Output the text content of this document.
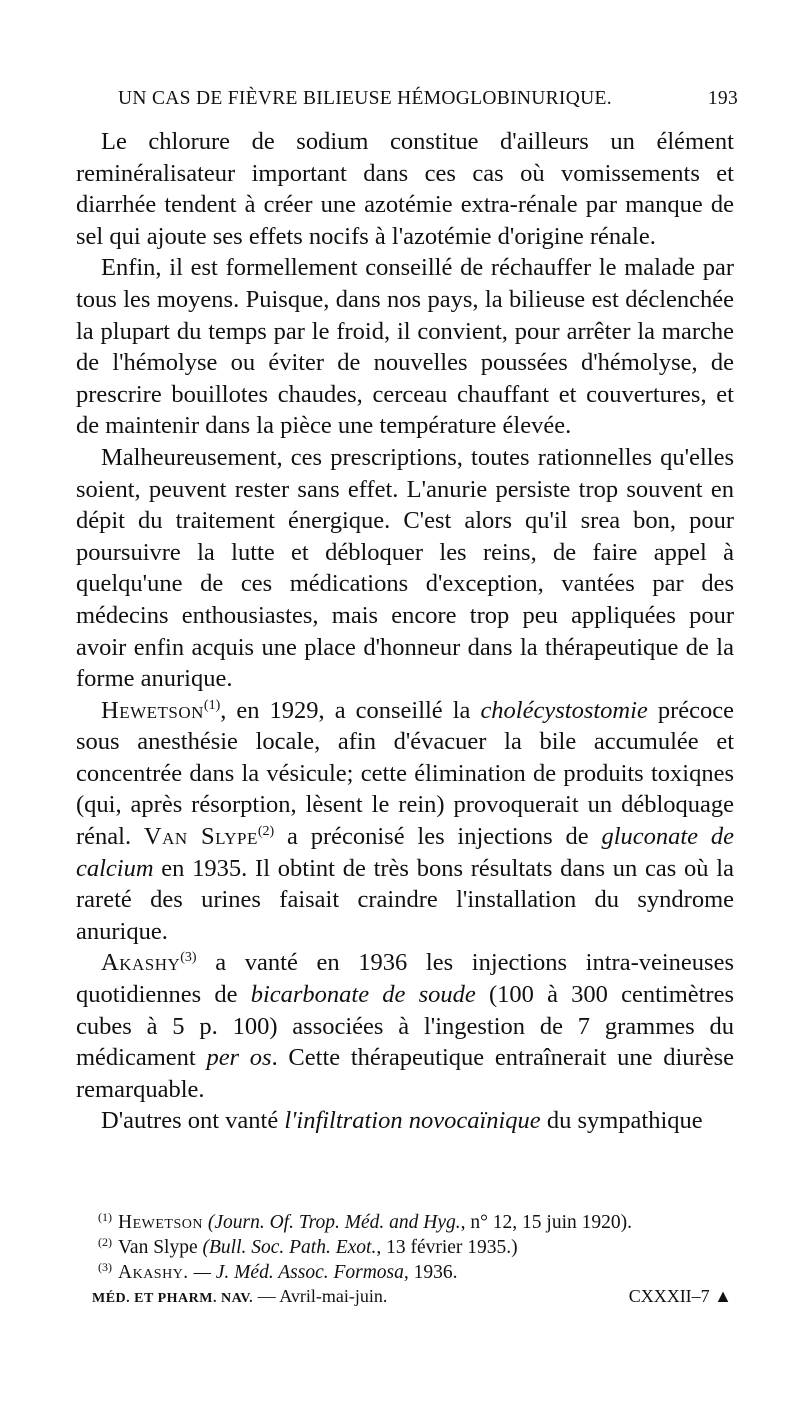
UN CAS DE FIÈVRE BILIEUSE HÉMOGLOBINURIQUE.	193

Le chlorure de sodium constitue d'ailleurs un élément reminéralisateur important dans ces cas où vomissements et diarrhée tendent à créer une azotémie extra-rénale par manque de sel qui ajoute ses effets nocifs à l'azotémie d'origine rénale.

Enfin, il est formellement conseillé de réchauffer le malade par tous les moyens. Puisque, dans nos pays, la bilieuse est déclenchée la plupart du temps par le froid, il convient, pour arrêter la marche de l'hémolyse ou éviter de nouvelles poussées d'hémolyse, de prescrire bouillotes chaudes, cerceau chauffant et couvertures, et de maintenir dans la pièce une température élevée.

Malheureusement, ces prescriptions, toutes rationnelles qu'elles soient, peuvent rester sans effet. L'anurie persiste trop souvent en dépit du traitement énergique. C'est alors qu'il srea bon, pour poursuivre la lutte et débloquer les reins, de faire appel à quelqu'une de ces médications d'exception, vantées par des médecins enthousiastes, mais encore trop peu appliquées pour avoir enfin acquis une place d'honneur dans la thérapeutique de la forme anurique.

Hewetson$^{(1)}$, en 1929, a conseillé la cholécystostomie précoce sous anesthésie locale, afin d'évacuer la bile accumulée et concentrée dans la vésicule; cette élimination de produits toxiqnes (qui, après résorption, lèsent le rein) provoquerait un débloquage rénal. Van Slype$^{(2)}$ a préconisé les injections de gluconate de calcium en 1935. Il obtint de très bons résultats dans un cas où la rareté des urines faisait craindre l'installation du syndrome anurique.

Akashy$^{(3)}$ a vanté en 1936 les injections intra-veineuses quotidiennes de bicarbonate de soude (100 à 300 centimètres cubes à 5 p. 100) associées à l'ingestion de 7 grammes du médicament per os. Cette thérapeutique entraînerait une diurèse remarquable.

D'autres ont vanté l'infiltration novocaïnique du sympathique

$^{(1)}$ Hewetson (Journ. Of. Trop. Méd. and Hyg., n° 12, 15 juin 1920).
$^{(2)}$ Van Slype (Bull. Soc. Path. Exot., 13 février 1935.)
$^{(3)}$ Akashy. — J. Méd. Assoc. Formosa, 1936.
MÉD. ET PHARM. NAV. — Avril-mai-juin.	CXXXII–7 ▲
